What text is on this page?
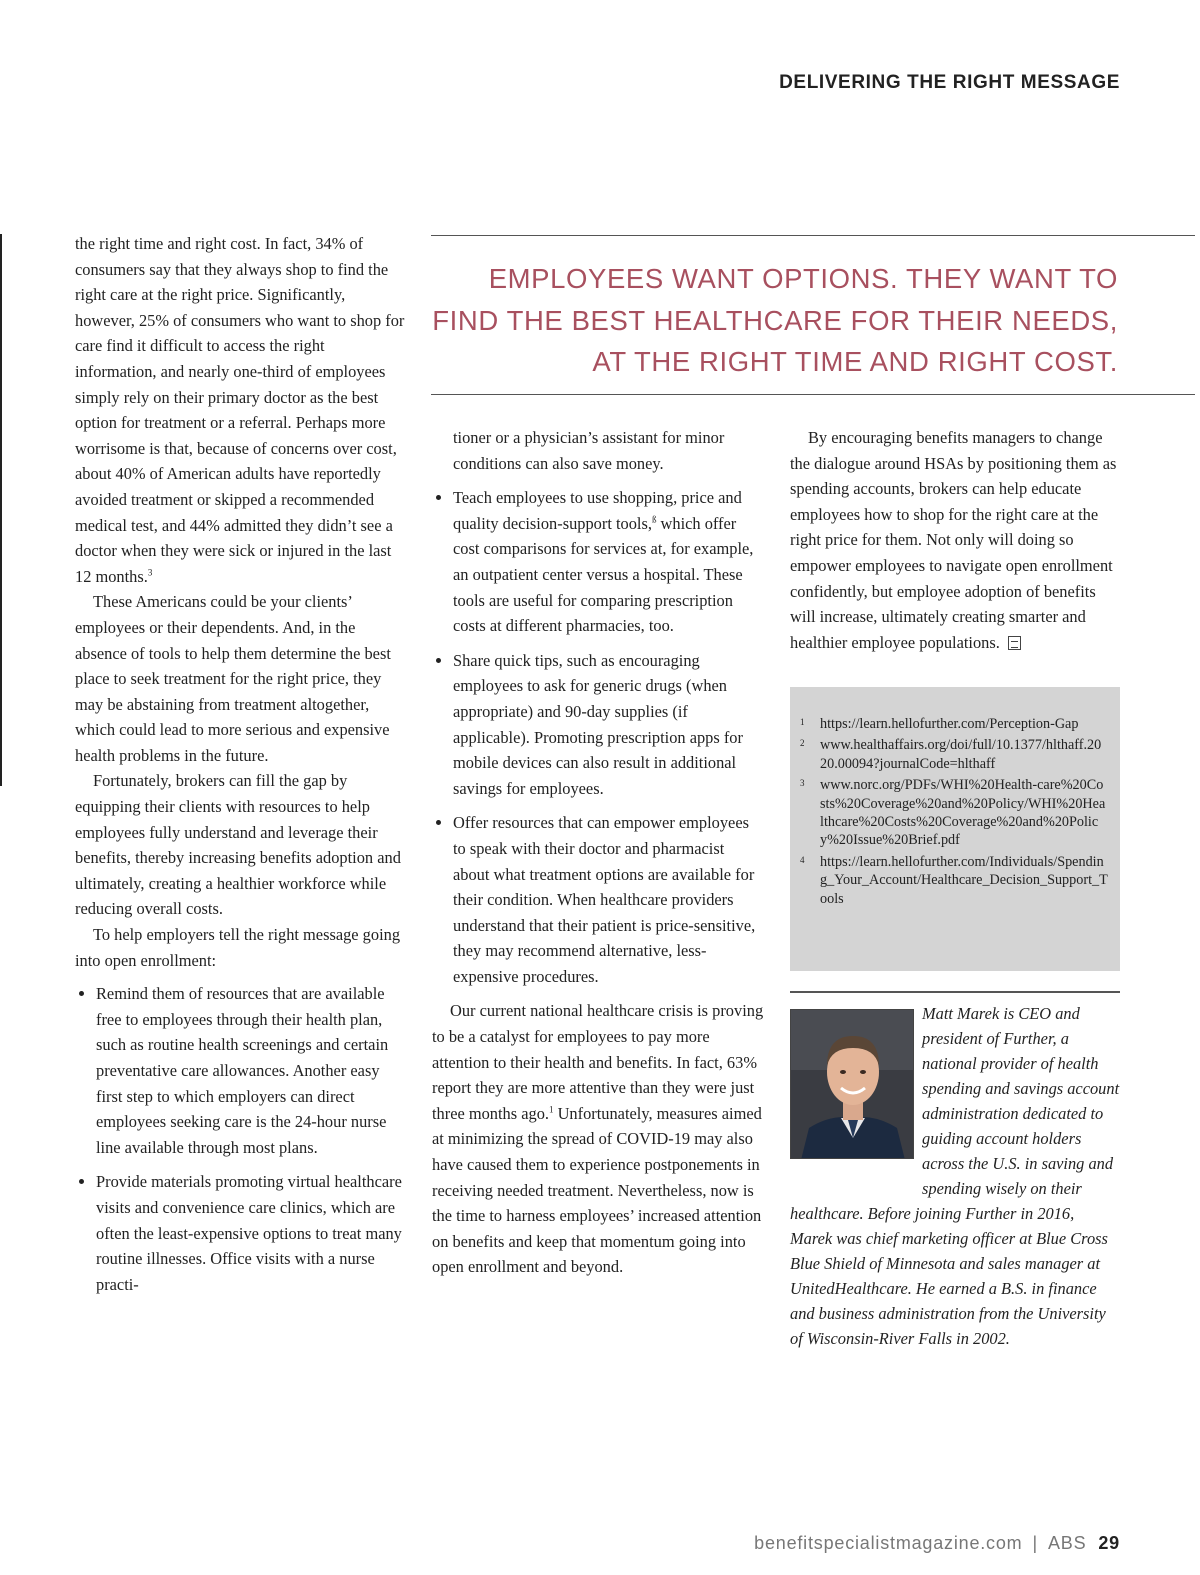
DELIVERING THE RIGHT MESSAGE

the right time and right cost. In fact, 34% of consumers say that they always shop to find the right care at the right price. Significantly, however, 25% of consumers who want to shop for care find it difficult to access the right information, and nearly one-third of employees simply rely on their primary doctor as the best option for treatment or a referral. Perhaps more worrisome is that, because of concerns over cost, about 40% of American adults have reportedly avoided treatment or skipped a recommended medical test, and 44% admitted they didn’t see a doctor when they were sick or injured in the last 12 months.$^3$

These Americans could be your clients’ employees or their dependents. And, in the absence of tools to help them determine the best place to seek treatment for the right price, they may be abstaining from treatment altogether, which could lead to more serious and expensive health problems in the future.

Fortunately, brokers can fill the gap by equipping their clients with resources to help employees fully understand and leverage their benefits, thereby increasing benefits adoption and ultimately, creating a healthier workforce while reducing overall costs.

To help employers tell the right message going into open enrollment:

• Remind them of resources that are available free to employees through their health plan, such as routine health screenings and certain preventative care allowances. Another easy first step to which employers can direct employees seeking care is the 24-hour nurse line available through most plans.
• Provide materials promoting virtual healthcare visits and convenience care clinics, which are often the least-expensive options to treat many routine illnesses. Office visits with a nurse practi-
EMPLOYEES WANT OPTIONS. THEY WANT TO FIND THE BEST HEALTHCARE FOR THEIR NEEDS, AT THE RIGHT TIME AND RIGHT COST.

tioner or a physician’s assistant for minor conditions can also save money.

• Teach employees to use shopping, price and quality decision-support tools,$^ß$ which offer cost comparisons for services at, for example, an outpatient center versus a hospital. These tools are useful for comparing prescription costs at different pharmacies, too.
• Share quick tips, such as encouraging employees to ask for generic drugs (when appropriate) and 90-day supplies (if applicable). Promoting prescription apps for mobile devices can also result in additional savings for employees.
• Offer resources that can empower employees to speak with their doctor and pharmacist about what treatment options are available for their condition. When healthcare providers understand that their patient is price-sensitive, they may recommend alternative, less-expensive procedures.

Our current national healthcare crisis is proving to be a catalyst for employees to pay more attention to their health and benefits. In fact, 63% report they are more attentive than they were just three months ago.$^1$ Unfortunately, measures aimed at minimizing the spread of COVID-19 may also have caused them to experience postponements in receiving needed treatment. Nevertheless, now is the time to harness employees’ increased attention on benefits and keep that momentum going into open enrollment and beyond.

By encouraging benefits managers to change the dialogue around HSAs by positioning them as spending accounts, brokers can help educate employees how to shop for the right care at the right price for them. Not only will doing so empower employees to navigate open enrollment confidently, but employee adoption of benefits will increase, ultimately creating smarter and healthier employee populations.

1 https://learn.hellofurther.com/Perception-Gap
2 www.healthaffairs.org/doi/full/10.1377/hlthaff.2020.00094?journalCode=hlthaff
3 www.norc.org/PDFs/WHI%20Health-care%20Costs%20Coverage%20and%20Policy/WHI%20Healthcare%20Costs%20Coverage%20and%20Policy%20Issue%20Brief.pdf
4 https://learn.hellofurther.com/Individuals/Spending_Your_Account/Healthcare_Decision_Support_Tools
Matt Marek is CEO and president of Further, a national provider of health spending and savings account administration dedicated to guiding account holders across the U.S. in saving and spending wisely on their healthcare. Before joining Further in 2016, Marek was chief marketing officer at Blue Cross Blue Shield of Minnesota and sales manager at UnitedHealthcare. He earned a B.S. in finance and business administration from the University of Wisconsin-River Falls in 2002.
benefitspecialistmagazine.com | ABS 29
